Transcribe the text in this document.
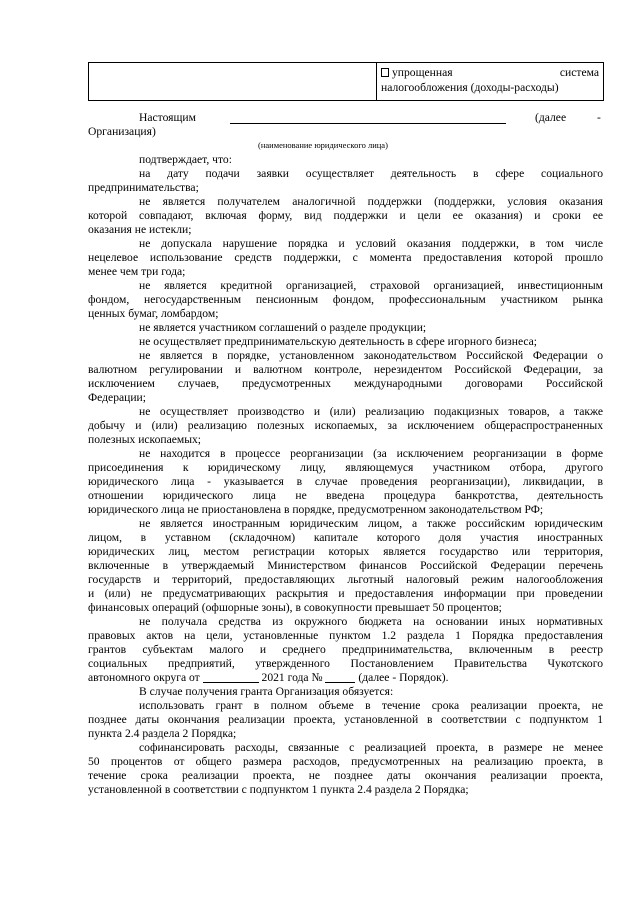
упрощенная	система
налогообложения (доходы-расходы)
Настоящим	(далее	-
Организация)
(наименование юридического лица)
подтверждает, что:
на дату подачи заявки осуществляет деятельность в сфере социального
предпринимательства;
не является получателем аналогичной поддержки (поддержки, условия оказания
которой совпадают, включая форму, вид поддержки и цели ее оказания) и сроки ее
оказания не истекли;
не допускала нарушение порядка и условий оказания поддержки, в том числе
нецелевое использование средств поддержки, с момента предоставления которой прошло
менее чем три года;
не является кредитной организацией, страховой организацией, инвестиционным
фондом, негосударственным пенсионным фондом, профессиональным участником рынка
ценных бумаг, ломбардом;
не является участником соглашений о разделе продукции;
не осуществляет предпринимательскую деятельность в сфере игорного бизнеса;
не является в порядке, установленном законодательством Российской Федерации о
валютном регулировании и валютном контроле, нерезидентом Российской Федерации, за
исключением случаев, предусмотренных международными договорами Российской
Федерации;
не осуществляет производство и (или) реализацию подакцизных товаров, а также
добычу и (или) реализацию полезных ископаемых, за исключением общераспространенных
полезных ископаемых;
не находится в процессе реорганизации (за исключением реорганизации в форме
присоединения к юридическому лицу, являющемуся участником отбора, другого
юридического лица - указывается в случае проведения реорганизации), ликвидации, в
отношении юридического лица не введена процедура банкротства, деятельность
юридического лица не приостановлена в порядке, предусмотренном законодательством РФ;
не является иностранным юридическим лицом, а также российским юридическим
лицом, в уставном (складочном) капитале которого доля участия иностранных
юридических лиц, местом регистрации которых является государство или территория,
включенные в утверждаемый Министерством финансов Российской Федерации перечень
государств и территорий, предоставляющих льготный налоговый режим налогообложения
и (или) не предусматривающих раскрытия и предоставления информации при проведении
финансовых операций (офшорные зоны), в совокупности превышает 50 процентов;
не получала средства из окружного бюджета на основании иных нормативных
правовых актов на цели, установленные пунктом 1.2 раздела 1 Порядка предоставления
грантов субъектам малого и среднего предпринимательства, включенным в реестр
социальных предприятий, утвержденного Постановлением Правительства Чукотского
автономного округа от	2021 года №	(далее - Порядок).
В случае получения гранта Организация обязуется:
использовать грант в полном объеме в течение срока реализации проекта, не
позднее даты окончания реализации проекта, установленной в соответствии с подпунктом 1
пункта 2.4 раздела 2 Порядка;
софинансировать расходы, связанные с реализацией проекта, в размере не менее
50 процентов от общего размера расходов, предусмотренных на реализацию проекта, в
течение срока реализации проекта, не позднее даты окончания реализации проекта,
установленной в соответствии с подпунктом 1 пункта 2.4 раздела 2 Порядка;
